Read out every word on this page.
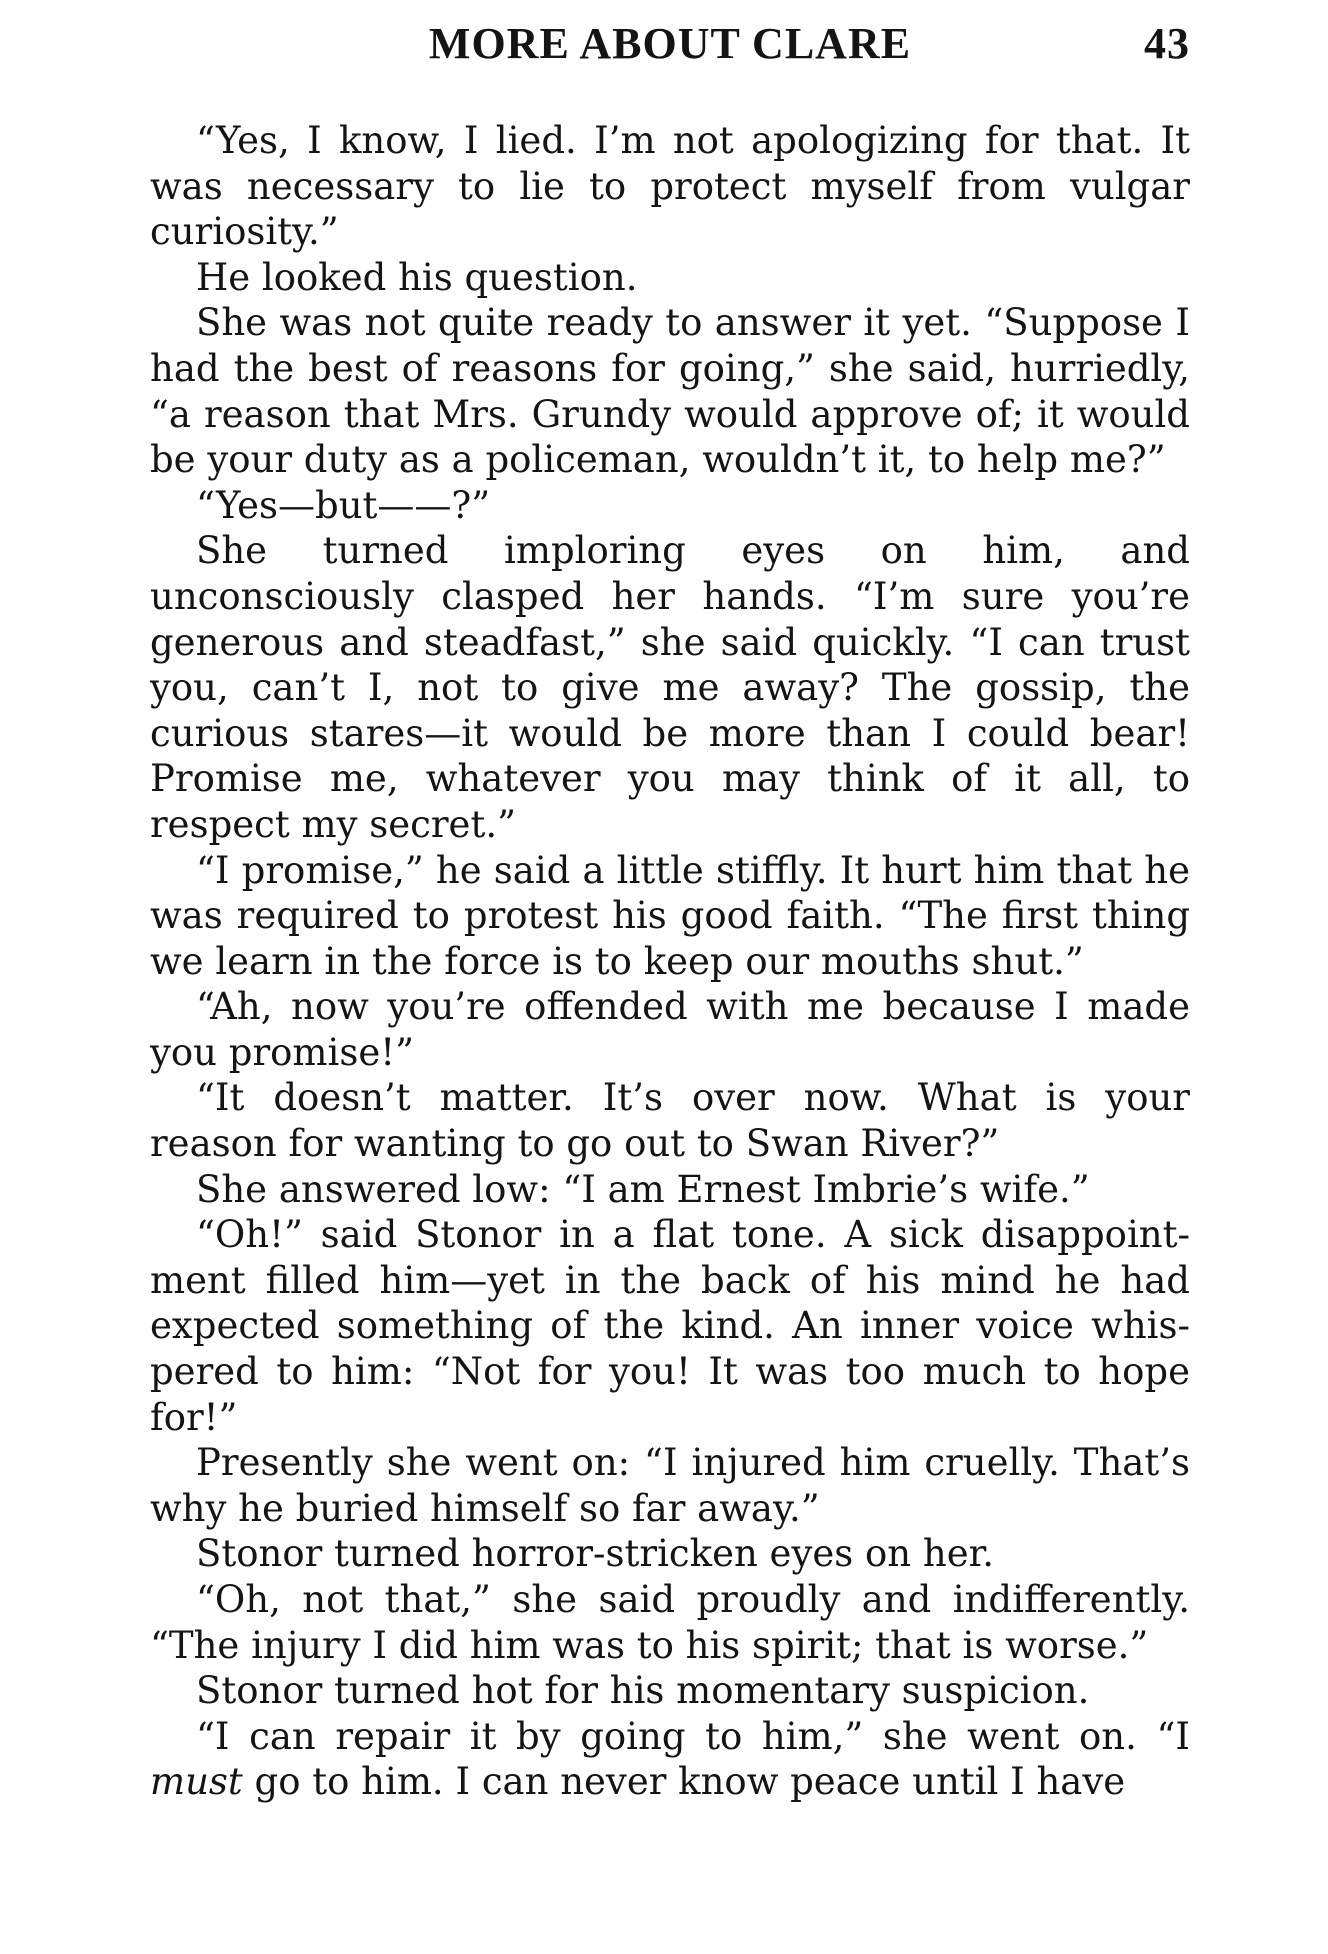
MORE ABOUT CLARE	43

“Yes, I know, I lied. I’m not apologizing for that. It was necessary to lie to protect myself from vulgar curiosity.”

He looked his question.

She was not quite ready to answer it yet. “Suppose I had the best of reasons for going,” she said, hurriedly, “a reason that Mrs. Grundy would approve of; it would be your duty as a policeman, wouldn’t it, to help me?”

“Yes—but——?”

She turned imploring eyes on him, and unconsciously clasped her hands. “I’m sure you’re generous and steadfast,” she said quickly. “I can trust you, can’t I, not to give me away? The gossip, the curious stares—it would be more than I could bear! Promise me, whatever you may think of it all, to respect my secret.”

“I promise,” he said a little stiffly. It hurt him that he was required to protest his good faith. “The first thing we learn in the force is to keep our mouths shut.”

“Ah, now you’re offended with me because I made you promise!”

“It doesn’t matter. It’s over now. What is your reason for wanting to go out to Swan River?”

She answered low: “I am Ernest Imbrie’s wife.”

“Oh!” said Stonor in a flat tone. A sick disappointment filled him—yet in the back of his mind he had expected something of the kind. An inner voice whispered to him: “Not for you! It was too much to hope for!”

Presently she went on: “I injured him cruelly. That’s why he buried himself so far away.”

Stonor turned horror-stricken eyes on her.

“Oh, not that,” she said proudly and indifferently. “The injury I did him was to his spirit; that is worse.”

Stonor turned hot for his momentary suspicion.

“I can repair it by going to him,” she went on. “I must go to him. I can never know peace until I have
